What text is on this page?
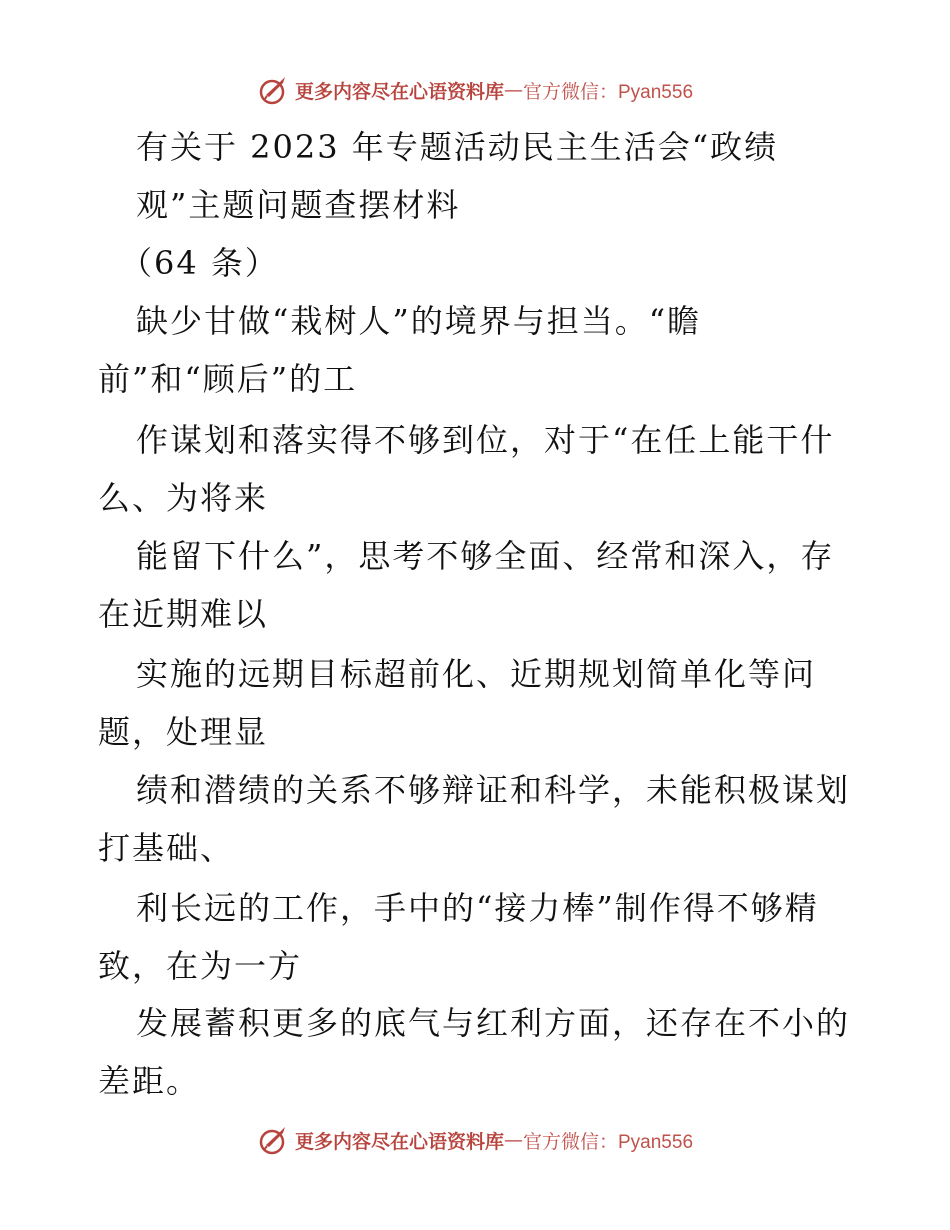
更多内容尽在心语资料库 — 官方微信：Pyan556
有关于 2023 年专题活动民主生活会“政绩
观”主题问题查摆材料
（64 条）
缺少甘做“栽树人”的境界与担当。“瞻
前”和“顾后”的工
作谋划和落实得不够到位，对于“在任上能干什
么、为将来
能留下什么”，思考不够全面、经常和深入，存
在近期难以
实施的远期目标超前化、近期规划简单化等问
题，处理显
绩和潜绩的关系不够辩证和科学，未能积极谋划
打基础、
利长远的工作，手中的“接力棒”制作得不够精
致，在为一方
发展蓄积更多的底气与红利方面，还存在不小的
差距。
更多内容尽在心语资料库 — 官方微信：Pyan556
